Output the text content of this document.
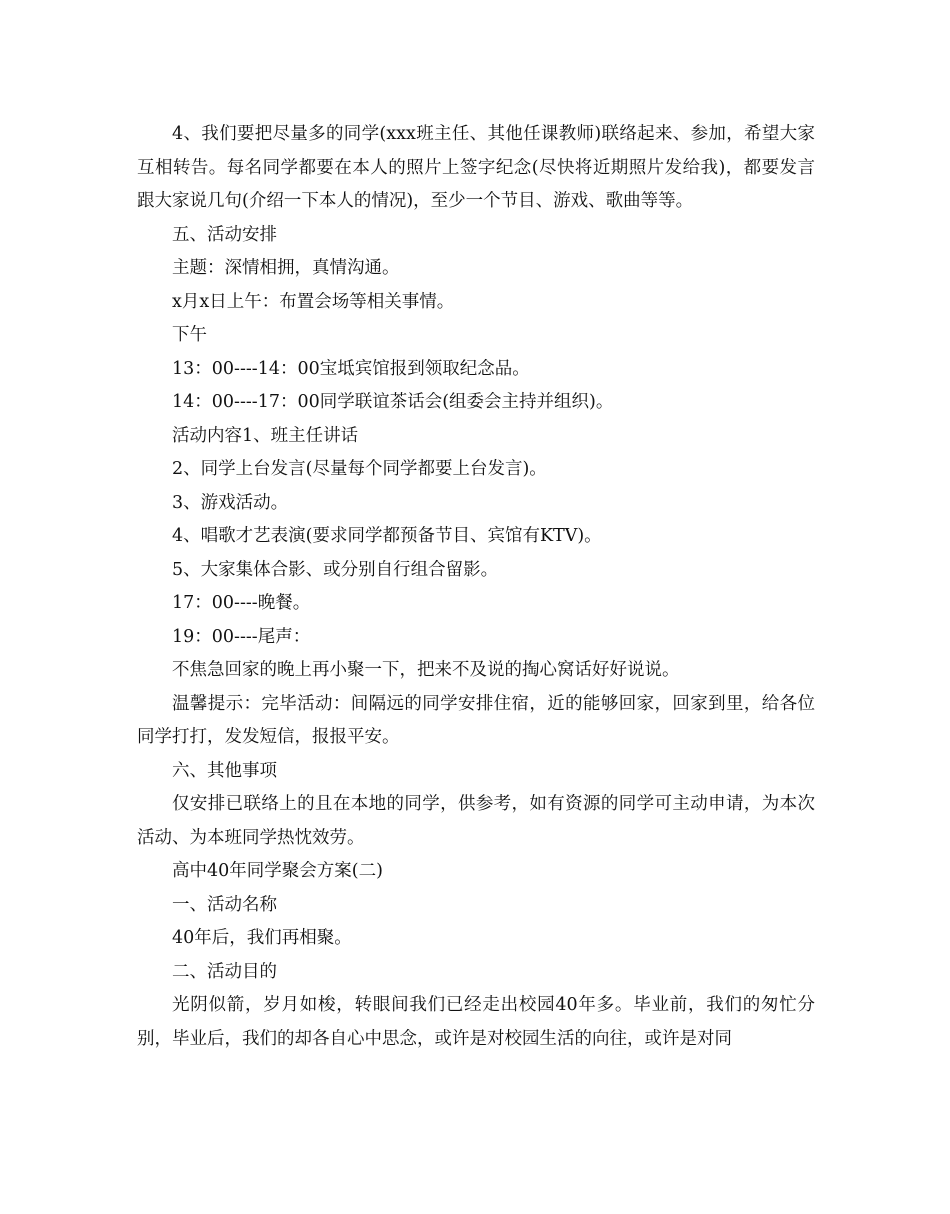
4、我们要把尽量多的同学(xxx班主任、其他任课教师)联络起来、参加，希望大家互相转告。每名同学都要在本人的照片上签字纪念(尽快将近期照片发给我)，都要发言跟大家说几句(介绍一下本人的情况)，至少一个节目、游戏、歌曲等等。

五、活动安排

主题：深情相拥，真情沟通。

x月x日上午：布置会场等相关事情。

下午

13：00----14：00宝坻宾馆报到领取纪念品。

14：00----17：00同学联谊茶话会(组委会主持并组织)。

活动内容1、班主任讲话

2、同学上台发言(尽量每个同学都要上台发言)。

3、游戏活动。

4、唱歌才艺表演(要求同学都预备节目、宾馆有KTV)。

5、大家集体合影、或分别自行组合留影。

17：00----晚餐。

19：00----尾声：

不焦急回家的晚上再小聚一下，把来不及说的掏心窝话好好说说。

温馨提示：完毕活动：间隔远的同学安排住宿，近的能够回家，回家到里，给各位同学打打，发发短信，报报平安。

六、其他事项

仅安排已联络上的且在本地的同学，供参考，如有资源的同学可主动申请，为本次活动、为本班同学热忱效劳。

高中40年同学聚会方案(二)

一、活动名称

40年后，我们再相聚。

二、活动目的

光阴似箭，岁月如梭，转眼间我们已经走出校园40年多。毕业前，我们的匆忙分别，毕业后，我们的却各自心中思念，或许是对校园生活的向往，或许是对同
